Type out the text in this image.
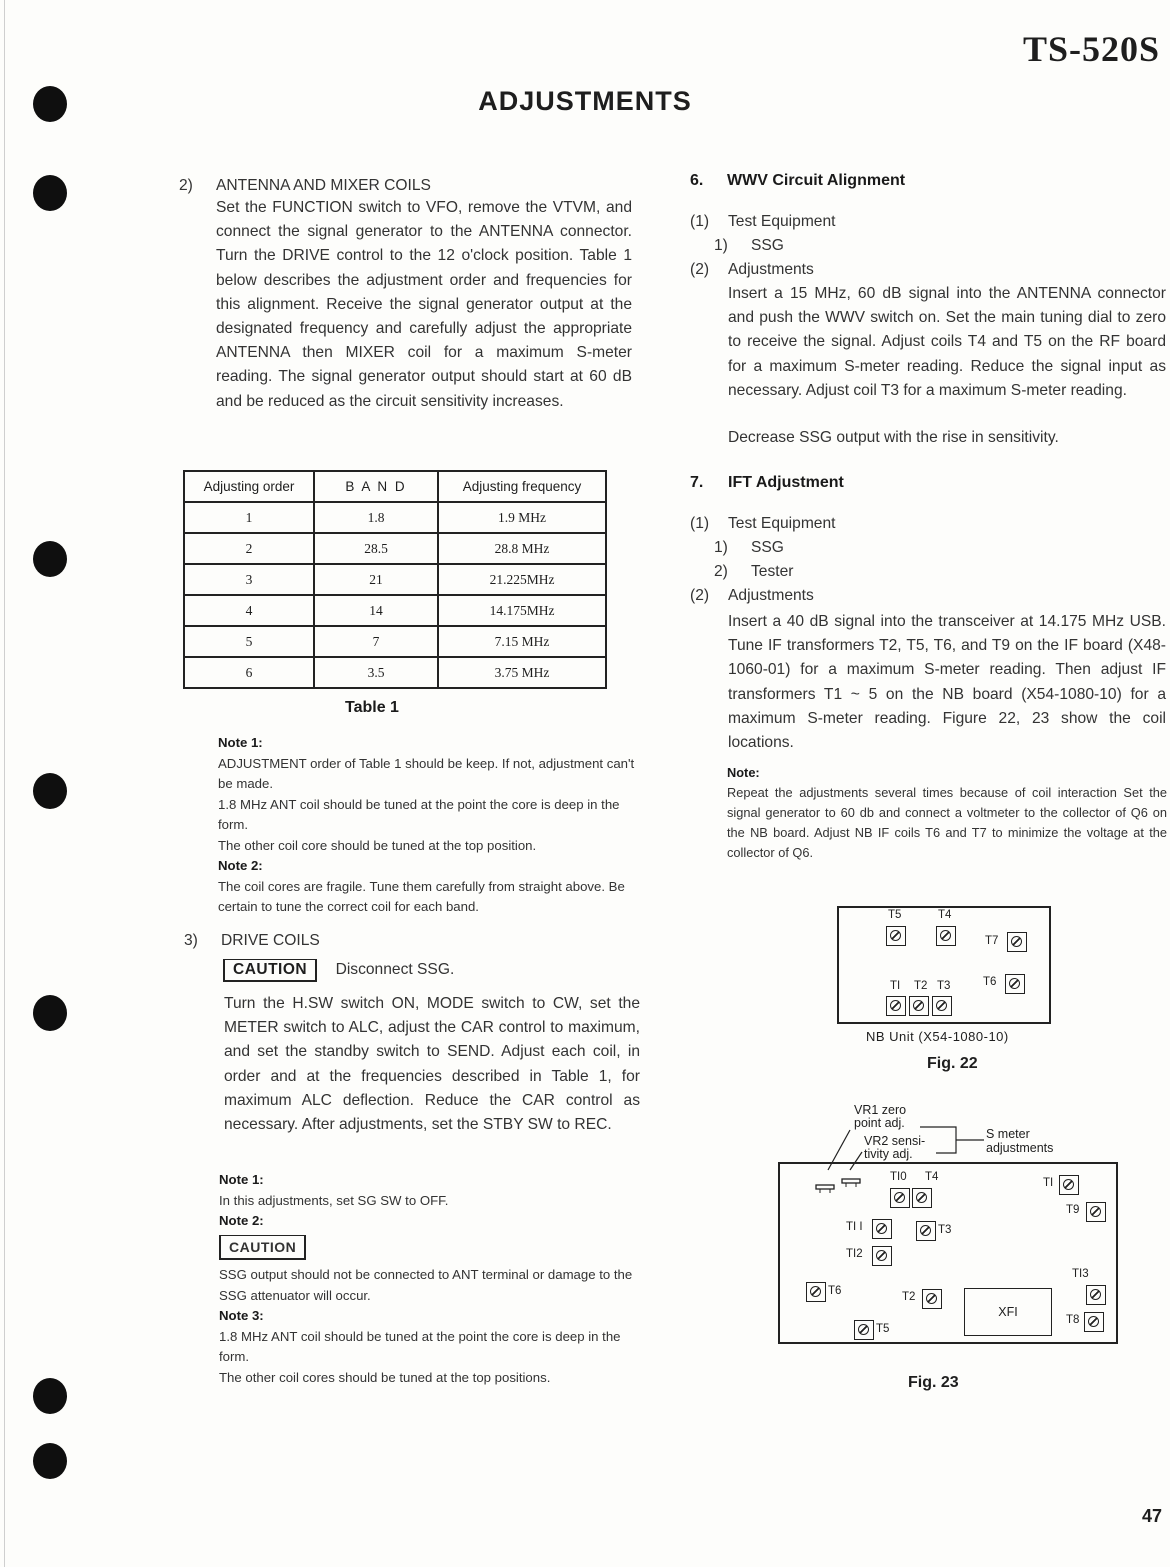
TS-520S
ADJUSTMENTS
47
2) ANTENNA AND MIXER COILS
Set the FUNCTION switch to VFO, remove the VTVM, and connect the signal generator to the ANTENNA connector. Turn the DRIVE control to the 12 o'clock position. Table 1 below describes the adjustment order and frequencies for this alignment. Receive the signal generator output at the designated frequency and carefully adjust the appropriate ANTENNA then MIXER coil for a maximum S-meter reading. The signal generator output should start at 60 dB and be reduced as the circuit sensitivity increases.
Adjusting order	B A N D	Adjusting frequency
1	1.8	1.9 MHz
2	28.5	28.8 MHz
3	21	21.225MHz
4	14	14.175MHz
5	7	7.15 MHz
6	3.5	3.75 MHz
Table 1
Note 1:
ADJUSTMENT order of Table 1 should be keep. If not, adjustment can't be made.
1.8 MHz ANT coil should be tuned at the point the core is deep in the form.
The other coil core should be tuned at the top position.
Note 2:
The coil cores are fragile. Tune them carefully from straight above. Be certain to tune the correct coil for each band.
3) DRIVE COILS
CAUTION Disconnect SSG.
Turn the H.SW switch ON, MODE switch to CW, set the METER switch to ALC, adjust the CAR control to maximum, and set the standby switch to SEND. Adjust each coil, in order and at the frequencies described in Table 1, for maximum ALC deflection. Reduce the CAR control as necessary. After adjustments, set the STBY SW to REC.
Note 1:
In this adjustments, set SG SW to OFF.
Note 2:
CAUTION
SSG output should not be connected to ANT terminal or damage to the SSG attenuator will occur.
Note 3:
1.8 MHz ANT coil should be tuned at the point the core is deep in the form.
The other coil cores should be tuned at the top positions.
6. WWV Circuit Alignment
(1) Test Equipment
1) SSG
(2) Adjustments
Insert a 15 MHz, 60 dB signal into the ANTENNA connector and push the WWV switch on. Set the main tuning dial to zero to receive the signal. Adjust coils T4 and T5 on the RF board for a maximum S-meter reading. Reduce the signal input as necessary. Adjust coil T3 for a maximum S-meter reading.
Decrease SSG output with the rise in sensitivity.
7. IFT Adjustment
(1) Test Equipment
1) SSG
2) Tester
(2) Adjustments
Insert a 40 dB signal into the transceiver at 14.175 MHz USB. Tune IF transformers T2, T5, T6, and T9 on the IF board (X48-1060-01) for a maximum S-meter reading. Then adjust IF transformers T1 ~ 5 on the NB board (X54-1080-10) for a maximum S-meter reading. Figure 22, 23 show the coil locations.
Note:
Repeat the adjustments several times because of coil interaction Set the signal generator to 60 db and connect a voltmeter to the collector of Q6 on the NB board. Adjust NB IF coils T6 and T7 to minimize the voltage at the collector of Q6.
T5	T4
T7
T6
TI T2 T3
NB Unit (X54-1080-10)
Fig. 22
VR1 zero point adj.
VR2 sensi- tivity adj.
S meter adjustments
TI0 T4	TI
T9
TI I	T3
TI2
TI3
T6	T2
XFI
T8
T5
Fig. 23
